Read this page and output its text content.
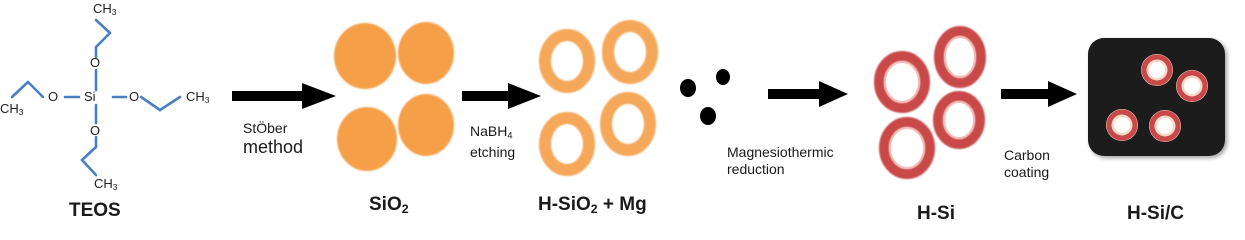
$CH_3$
O
O Si	O	$CH_3$
$CH_3$
O
$CH_3$
TEOS
StÖber
method
NaBH$_4$
etching	Magnesiothermic
reduction
Carbon
coating
SiO$_2$	H-SiO$_2$ + Mg	H-Si	H-Si/C
